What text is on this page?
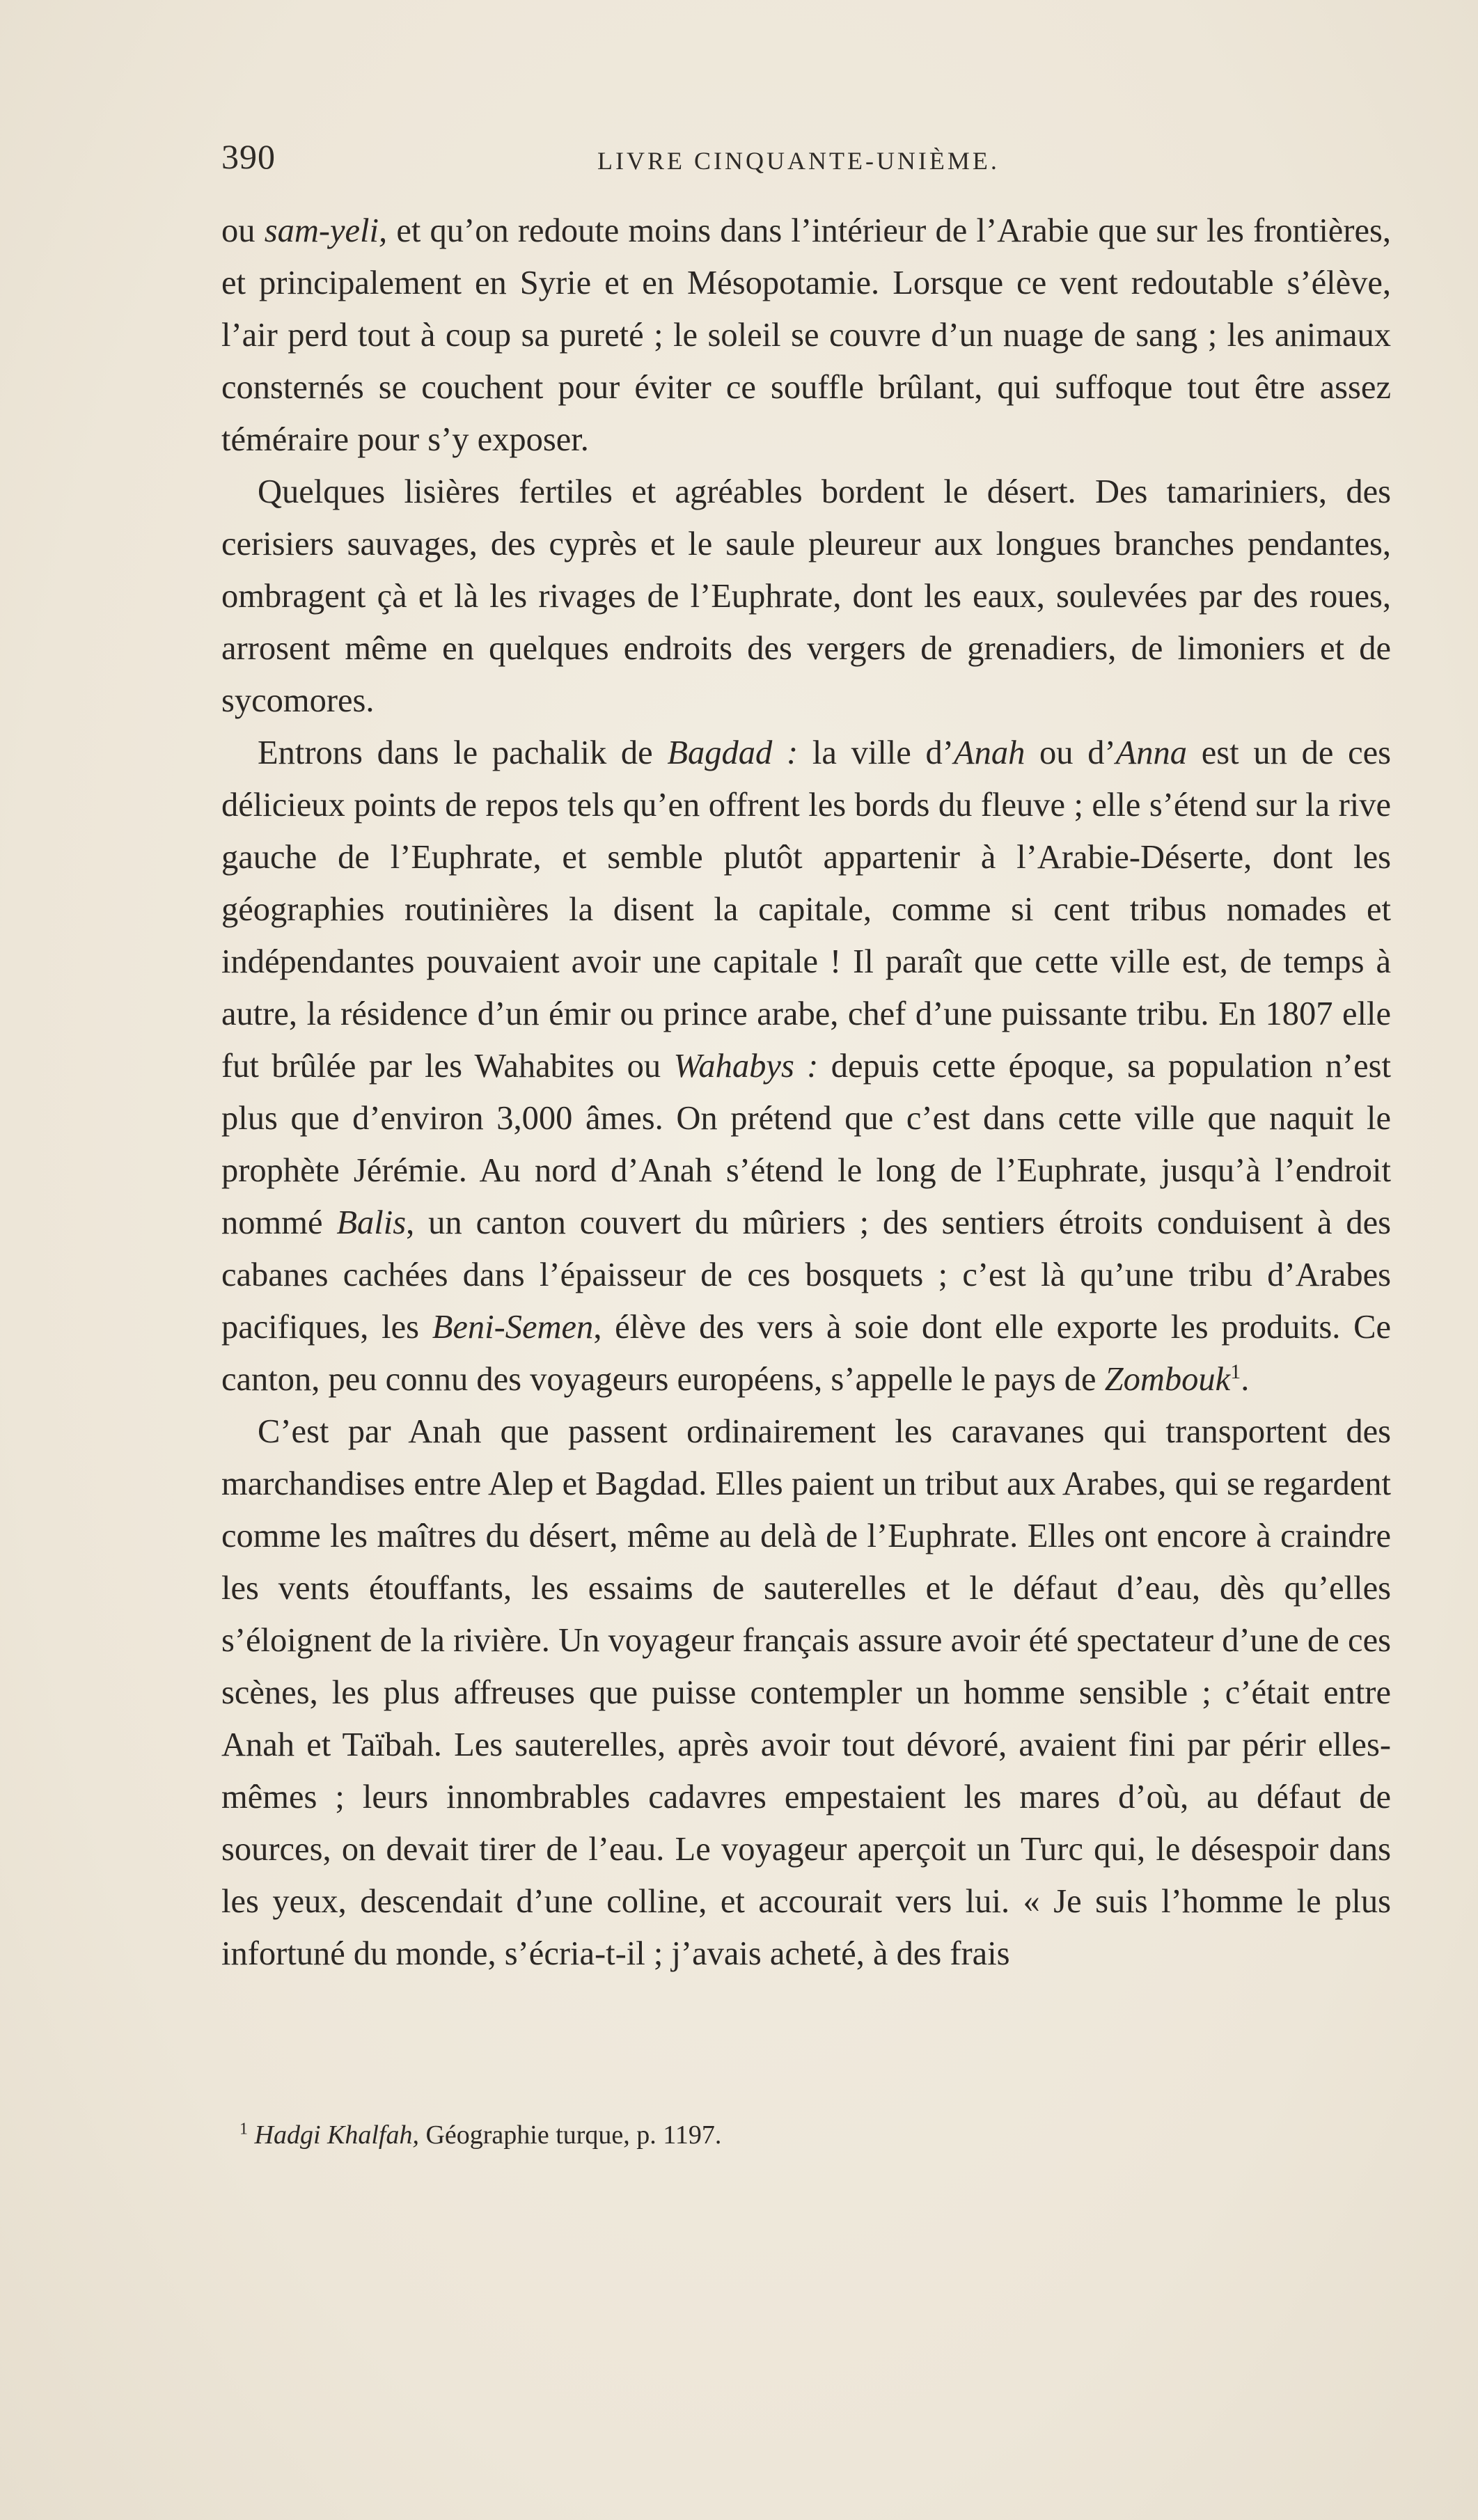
390	LIVRE CINQUANTE-UNIÈME.

ou sam-yeli, et qu’on redoute moins dans l’intérieur de l’Arabie que sur les frontières, et principalement en Syrie et en Mésopotamie. Lorsque ce vent redoutable s’élève, l’air perd tout à coup sa pureté ; le soleil se couvre d’un nuage de sang ; les animaux consternés se couchent pour éviter ce souffle brûlant, qui suffoque tout être assez téméraire pour s’y exposer.

Quelques lisières fertiles et agréables bordent le désert. Des tamariniers, des cerisiers sauvages, des cyprès et le saule pleureur aux longues branches pendantes, ombragent çà et là les rivages de l’Euphrate, dont les eaux, soulevées par des roues, arrosent même en quelques endroits des vergers de grenadiers, de limoniers et de sycomores.

Entrons dans le pachalik de Bagdad : la ville d’Anah ou d’Anna est un de ces délicieux points de repos tels qu’en offrent les bords du fleuve ; elle s’étend sur la rive gauche de l’Euphrate, et semble plutôt appartenir à l’Arabie-Déserte, dont les géographies routinières la disent la capitale, comme si cent tribus nomades et indépendantes pouvaient avoir une capitale ! Il paraît que cette ville est, de temps à autre, la résidence d’un émir ou prince arabe, chef d’une puissante tribu. En 1807 elle fut brûlée par les Wahabites ou Wahabys : depuis cette époque, sa population n’est plus que d’environ 3,000 âmes. On prétend que c’est dans cette ville que naquit le prophète Jérémie. Au nord d’Anah s’étend le long de l’Euphrate, jusqu’à l’endroit nommé Balis, un canton couvert du mûriers ; des sentiers étroits conduisent à des cabanes cachées dans l’épaisseur de ces bosquets ; c’est là qu’une tribu d’Arabes pacifiques, les Beni-Semen, élève des vers à soie dont elle exporte les produits. Ce canton, peu connu des voyageurs européens, s’appelle le pays de Zombouk$^1$.

C’est par Anah que passent ordinairement les caravanes qui transportent des marchandises entre Alep et Bagdad. Elles paient un tribut aux Arabes, qui se regardent comme les maîtres du désert, même au delà de l’Euphrate. Elles ont encore à craindre les vents étouffants, les essaims de sauterelles et le défaut d’eau, dès qu’elles s’éloignent de la rivière. Un voyageur français assure avoir été spectateur d’une de ces scènes, les plus affreuses que puisse contempler un homme sensible ; c’était entre Anah et Taïbah. Les sauterelles, après avoir tout dévoré, avaient fini par périr elles-mêmes ; leurs innombrables cadavres empestaient les mares d’où, au défaut de sources, on devait tirer de l’eau. Le voyageur aperçoit un Turc qui, le désespoir dans les yeux, descendait d’une colline, et accourait vers lui. « Je suis l’homme le plus infortuné du monde, s’écria-t-il ; j’avais acheté, à des frais

$^1$ Hadgi Khalfah, Géographie turque, p. 1197.
